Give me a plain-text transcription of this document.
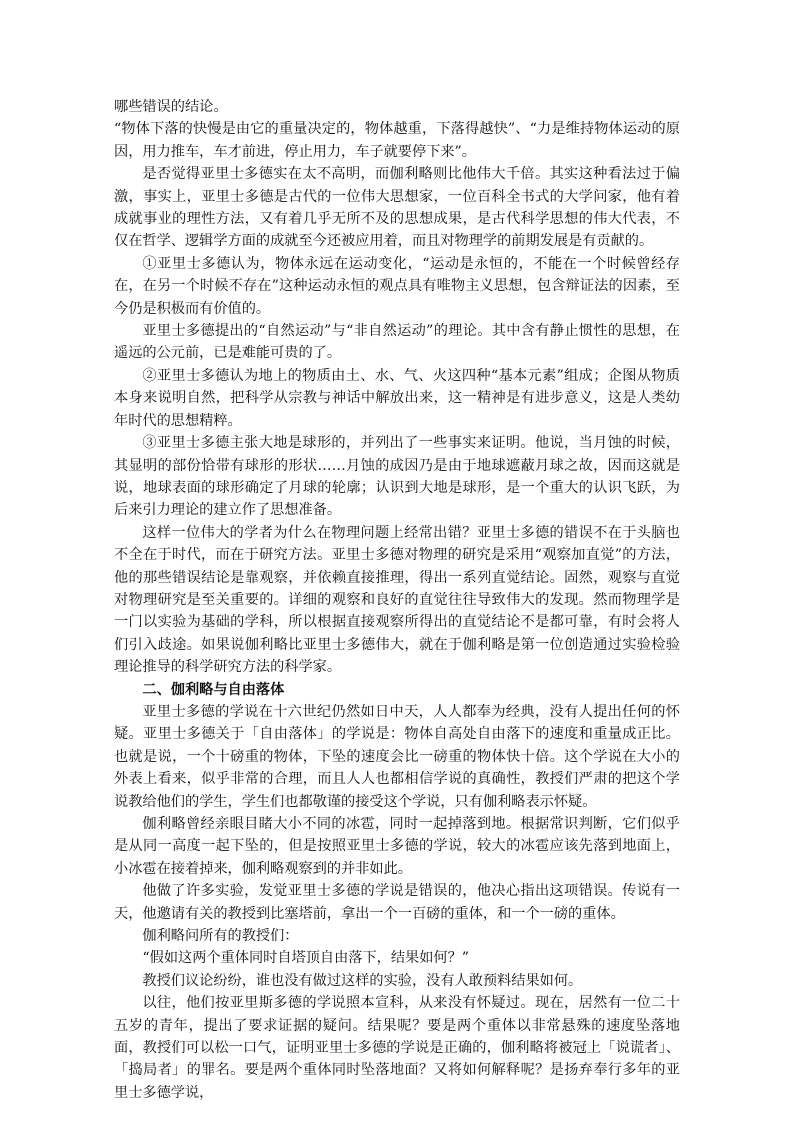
哪些错误的结论。

“物体下落的快慢是由它的重量决定的，物体越重，下落得越快”、“力是维持物体运动的原因，用力推车，车才前进，停止用力，车子就要停下来”。

是否觉得亚里士多德实在太不高明，而伽利略则比他伟大千倍。其实这种看法过于偏激，事实上，亚里士多德是古代的一位伟大思想家，一位百科全书式的大学问家，他有着成就事业的理性方法，又有着几乎无所不及的思想成果，是古代科学思想的伟大代表，不仅在哲学、逻辑学方面的成就至今还被应用着，而且对物理学的前期发展是有贡献的。

①亚里士多德认为，物体永远在运动变化，“运动是永恒的，不能在一个时候曾经存在，在另一个时候不存在”这种运动永恒的观点具有唯物主义思想，包含辩证法的因素，至今仍是积极而有价值的。

亚里士多德提出的“自然运动”与“非自然运动”的理论。其中含有静止惯性的思想，在遥远的公元前，已是难能可贵的了。

②亚里士多德认为地上的物质由土、水、气、火这四种“基本元素”组成；企图从物质本身来说明自然，把科学从宗教与神话中解放出来，这一精神是有进步意义，这是人类幼年时代的思想精粹。

③亚里士多德主张大地是球形的，并列出了一些事实来证明。他说，当月蚀的时候，其显明的部份恰带有球形的形状……月蚀的成因乃是由于地球遮蔽月球之故，因而这就是说，地球表面的球形确定了月球的轮廓；认识到大地是球形，是一个重大的认识飞跃，为后来引力理论的建立作了思想准备。

这样一位伟大的学者为什么在物理问题上经常出错？亚里士多德的错误不在于头脑也不全在于时代，而在于研究方法。亚里士多德对物理的研究是采用“观察加直觉”的方法，他的那些错误结论是靠观察，并依赖直接推理，得出一系列直觉结论。固然，观察与直觉对物理研究是至关重要的。详细的观察和良好的直觉往往导致伟大的发现。然而物理学是一门以实验为基础的学科，所以根据直接观察所得出的直觉结论不是都可靠，有时会将人们引入歧途。如果说伽利略比亚里士多德伟大，就在于伽利略是第一位创造通过实验检验理论推导的科学研究方法的科学家。

二、伽利略与自由落体

亚里士多德的学说在十六世纪仍然如日中天，人人都奉为经典，没有人提出任何的怀疑。亚里士多德关于「自由落体」的学说是：物体自高处自由落下的速度和重量成正比。也就是说，一个十磅重的物体，下坠的速度会比一磅重的物体快十倍。这个学说在大小的外表上看来，似乎非常的合理，而且人人也都相信学说的真确性，教授们严肃的把这个学说教给他们的学生，学生们也都敬谨的接受这个学说，只有伽利略表示怀疑。

伽利略曾经亲眼目睹大小不同的冰雹，同时一起掉落到地。根据常识判断，它们似乎是从同一高度一起下坠的，但是按照亚里士多德的学说，较大的冰雹应该先落到地面上，小冰雹在接着掉来，伽利略观察到的并非如此。

他做了许多实验，发觉亚里士多德的学说是错误的，他决心指出这项错误。传说有一天，他邀请有关的教授到比塞塔前，拿出一个一百磅的重体，和一个一磅的重体。

伽利略问所有的教授们：

“假如这两个重体同时自塔顶自由落下，结果如何？”

教授们议论纷纷，谁也没有做过这样的实验，没有人敢预料结果如何。

以往，他们按亚里斯多德的学说照本宣科，从来没有怀疑过。现在，居然有一位二十五岁的青年，提出了要求证据的疑问。结果呢？要是两个重体以非常悬殊的速度坠落地面，教授们可以松一口气，证明亚里士多德的学说是正确的，伽利略将被冠上「说谎者」、「捣局者」的罪名。要是两个重体同时坠落地面？又将如何解释呢？是扬弃奉行多年的亚里士多德学说，
